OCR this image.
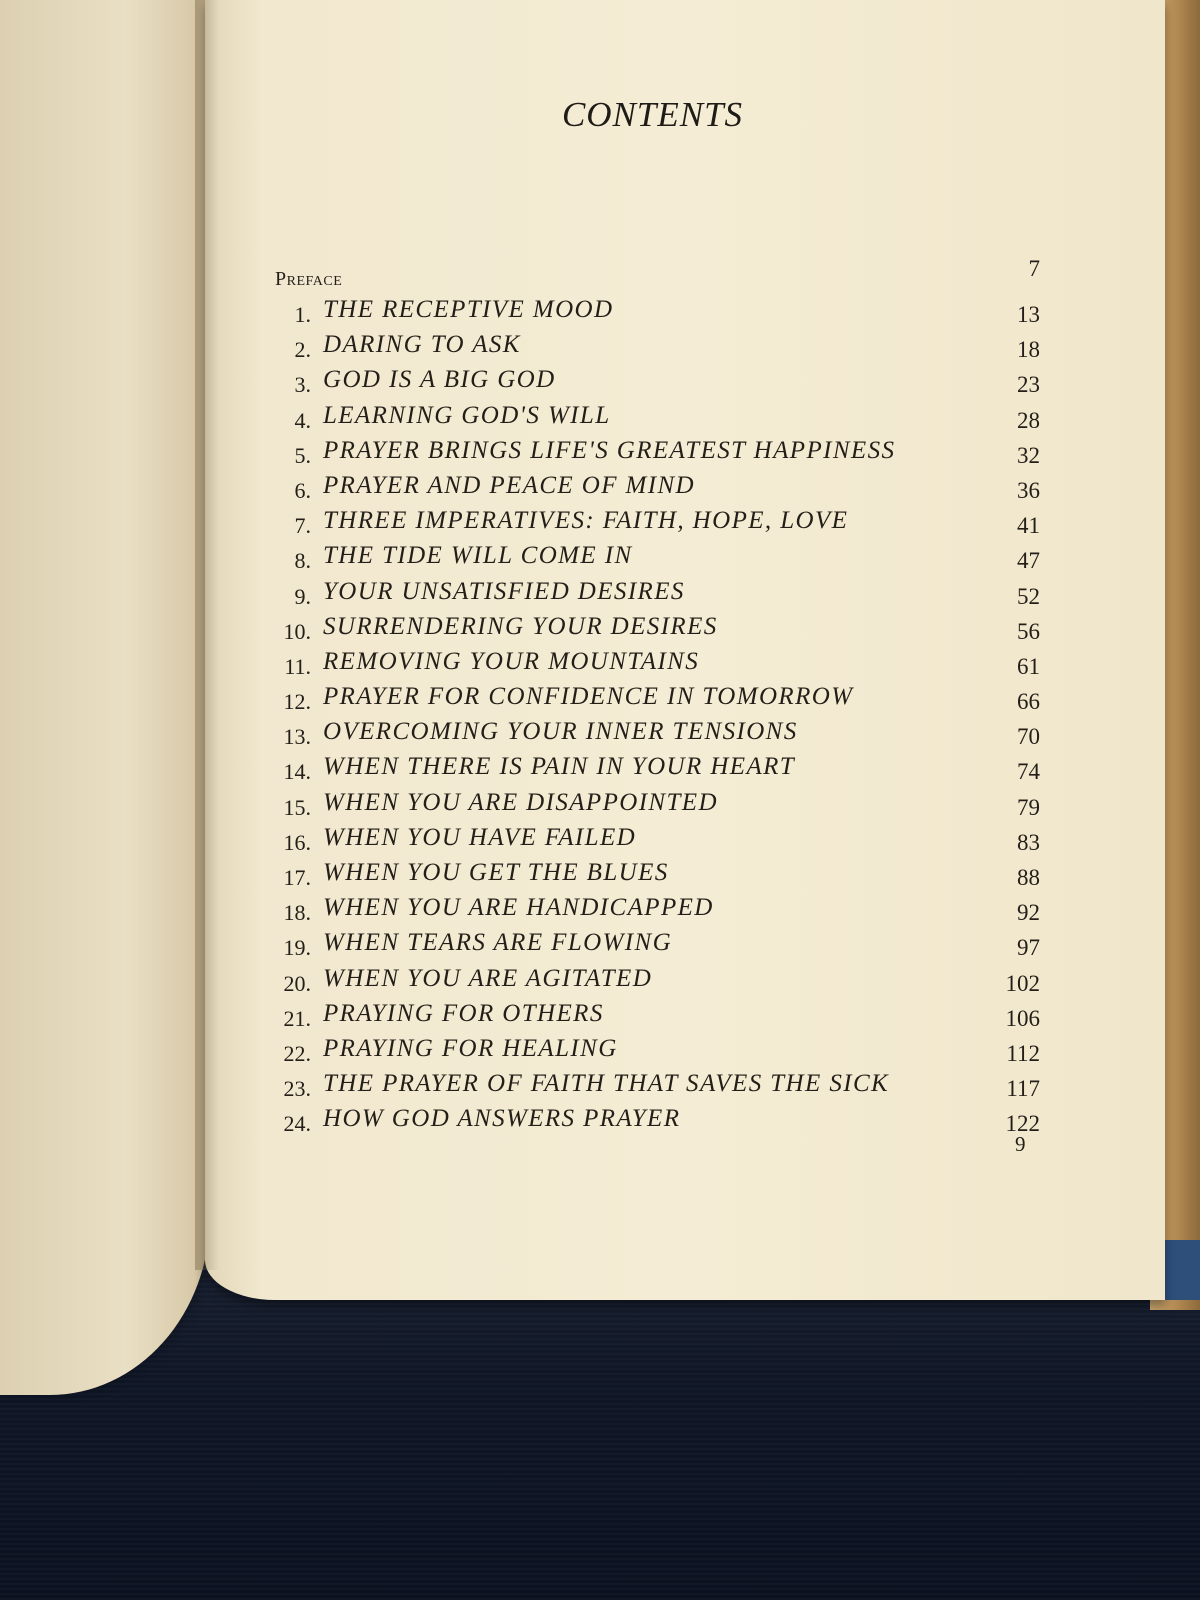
CONTENTS
Preface	7
1. THE RECEPTIVE MOOD	13
2. DARING TO ASK	18
3. GOD IS A BIG GOD	23
4. LEARNING GOD'S WILL	28
5. PRAYER BRINGS LIFE'S GREATEST HAPPINESS	32
6. PRAYER AND PEACE OF MIND	36
7. THREE IMPERATIVES: FAITH, HOPE, LOVE	41
8. THE TIDE WILL COME IN	47
9. YOUR UNSATISFIED DESIRES	52
10. SURRENDERING YOUR DESIRES	56
11. REMOVING YOUR MOUNTAINS	61
12. PRAYER FOR CONFIDENCE IN TOMORROW	66
13. OVERCOMING YOUR INNER TENSIONS	70
14. WHEN THERE IS PAIN IN YOUR HEART	74
15. WHEN YOU ARE DISAPPOINTED	79
16. WHEN YOU HAVE FAILED	83
17. WHEN YOU GET THE BLUES	88
18. WHEN YOU ARE HANDICAPPED	92
19. WHEN TEARS ARE FLOWING	97
20. WHEN YOU ARE AGITATED	102
21. PRAYING FOR OTHERS	106
22. PRAYING FOR HEALING	112
23. THE PRAYER OF FAITH THAT SAVES THE SICK	117
24. HOW GOD ANSWERS PRAYER	122
9
